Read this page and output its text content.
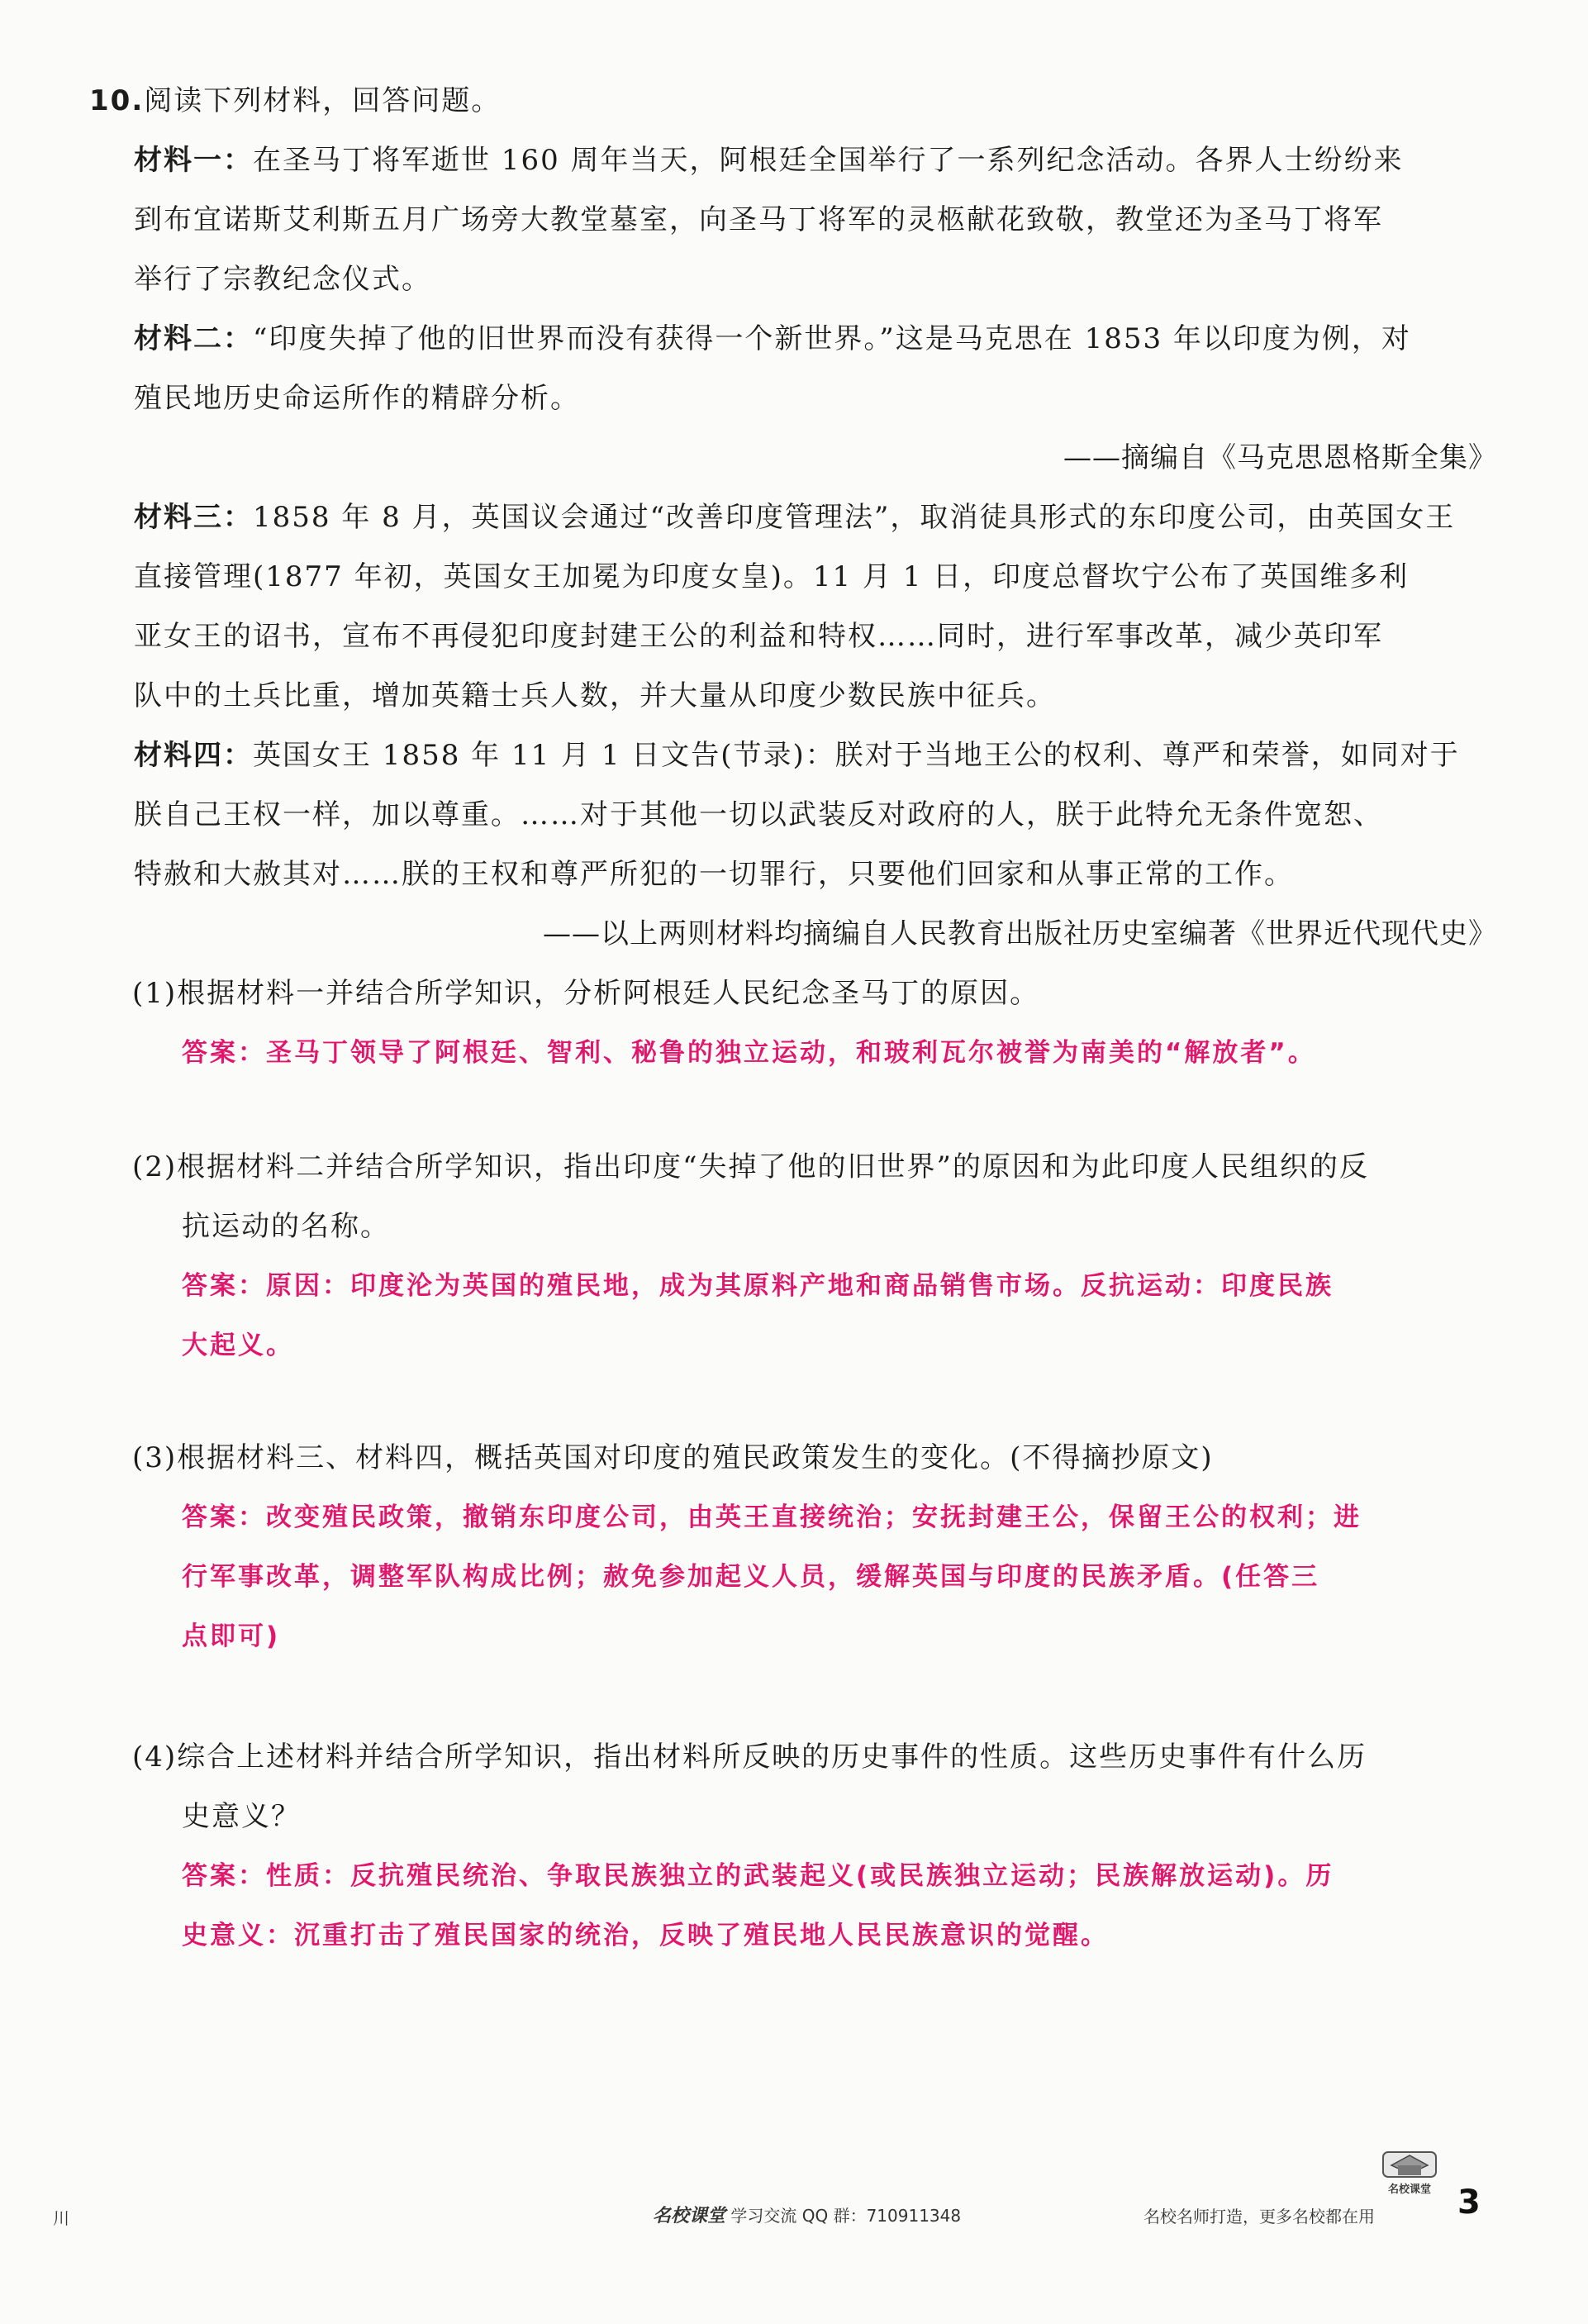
10.阅读下列材料，回答问题。
材料一：在圣马丁将军逝世 160 周年当天，阿根廷全国举行了一系列纪念活动。各界人士纷纷来
到布宜诺斯艾利斯五月广场旁大教堂墓室，向圣马丁将军的灵柩献花致敬，教堂还为圣马丁将军
举行了宗教纪念仪式。
材料二：“印度失掉了他的旧世界而没有获得一个新世界。”这是马克思在 1853 年以印度为例，对
殖民地历史命运所作的精辟分析。
——摘编自《马克思恩格斯全集》
材料三：1858 年 8 月，英国议会通过“改善印度管理法”，取消徒具形式的东印度公司，由英国女王
直接管理(1877 年初，英国女王加冕为印度女皇)。11 月 1 日，印度总督坎宁公布了英国维多利
亚女王的诏书，宣布不再侵犯印度封建王公的利益和特权……同时，进行军事改革，减少英印军
队中的土兵比重，增加英籍士兵人数，并大量从印度少数民族中征兵。
材料四：英国女王 1858 年 11 月 1 日文告(节录)：朕对于当地王公的权利、尊严和荣誉，如同对于
朕自己王权一样，加以尊重。……对于其他一切以武装反对政府的人，朕于此特允无条件宽恕、
特赦和大赦其对……朕的王权和尊严所犯的一切罪行，只要他们回家和从事正常的工作。
——以上两则材料均摘编自人民教育出版社历史室编著《世界近代现代史》
(1)根据材料一并结合所学知识，分析阿根廷人民纪念圣马丁的原因。
答案：圣马丁领导了阿根廷、智利、秘鲁的独立运动，和玻利瓦尔被誉为南美的“解放者”。
(2)根据材料二并结合所学知识，指出印度“失掉了他的旧世界”的原因和为此印度人民组织的反
抗运动的名称。
答案：原因：印度沦为英国的殖民地，成为其原料产地和商品销售市场。反抗运动：印度民族
大起义。
(3)根据材料三、材料四，概括英国对印度的殖民政策发生的变化。(不得摘抄原文)
答案：改变殖民政策，撤销东印度公司，由英王直接统治；安抚封建王公，保留王公的权利；进
行军事改革，调整军队构成比例；赦免参加起义人员，缓解英国与印度的民族矛盾。(任答三
点即可)
(4)综合上述材料并结合所学知识，指出材料所反映的历史事件的性质。这些历史事件有什么历
史意义？
答案：性质：反抗殖民统治、争取民族独立的武装起义(或民族独立运动；民族解放运动)。历
史意义：沉重打击了殖民国家的统治，反映了殖民地人民民族意识的觉醒。
川	名校课堂 学习交流 QQ 群：710911348	名校名师打造，更多名校都在用
名校课堂 3
